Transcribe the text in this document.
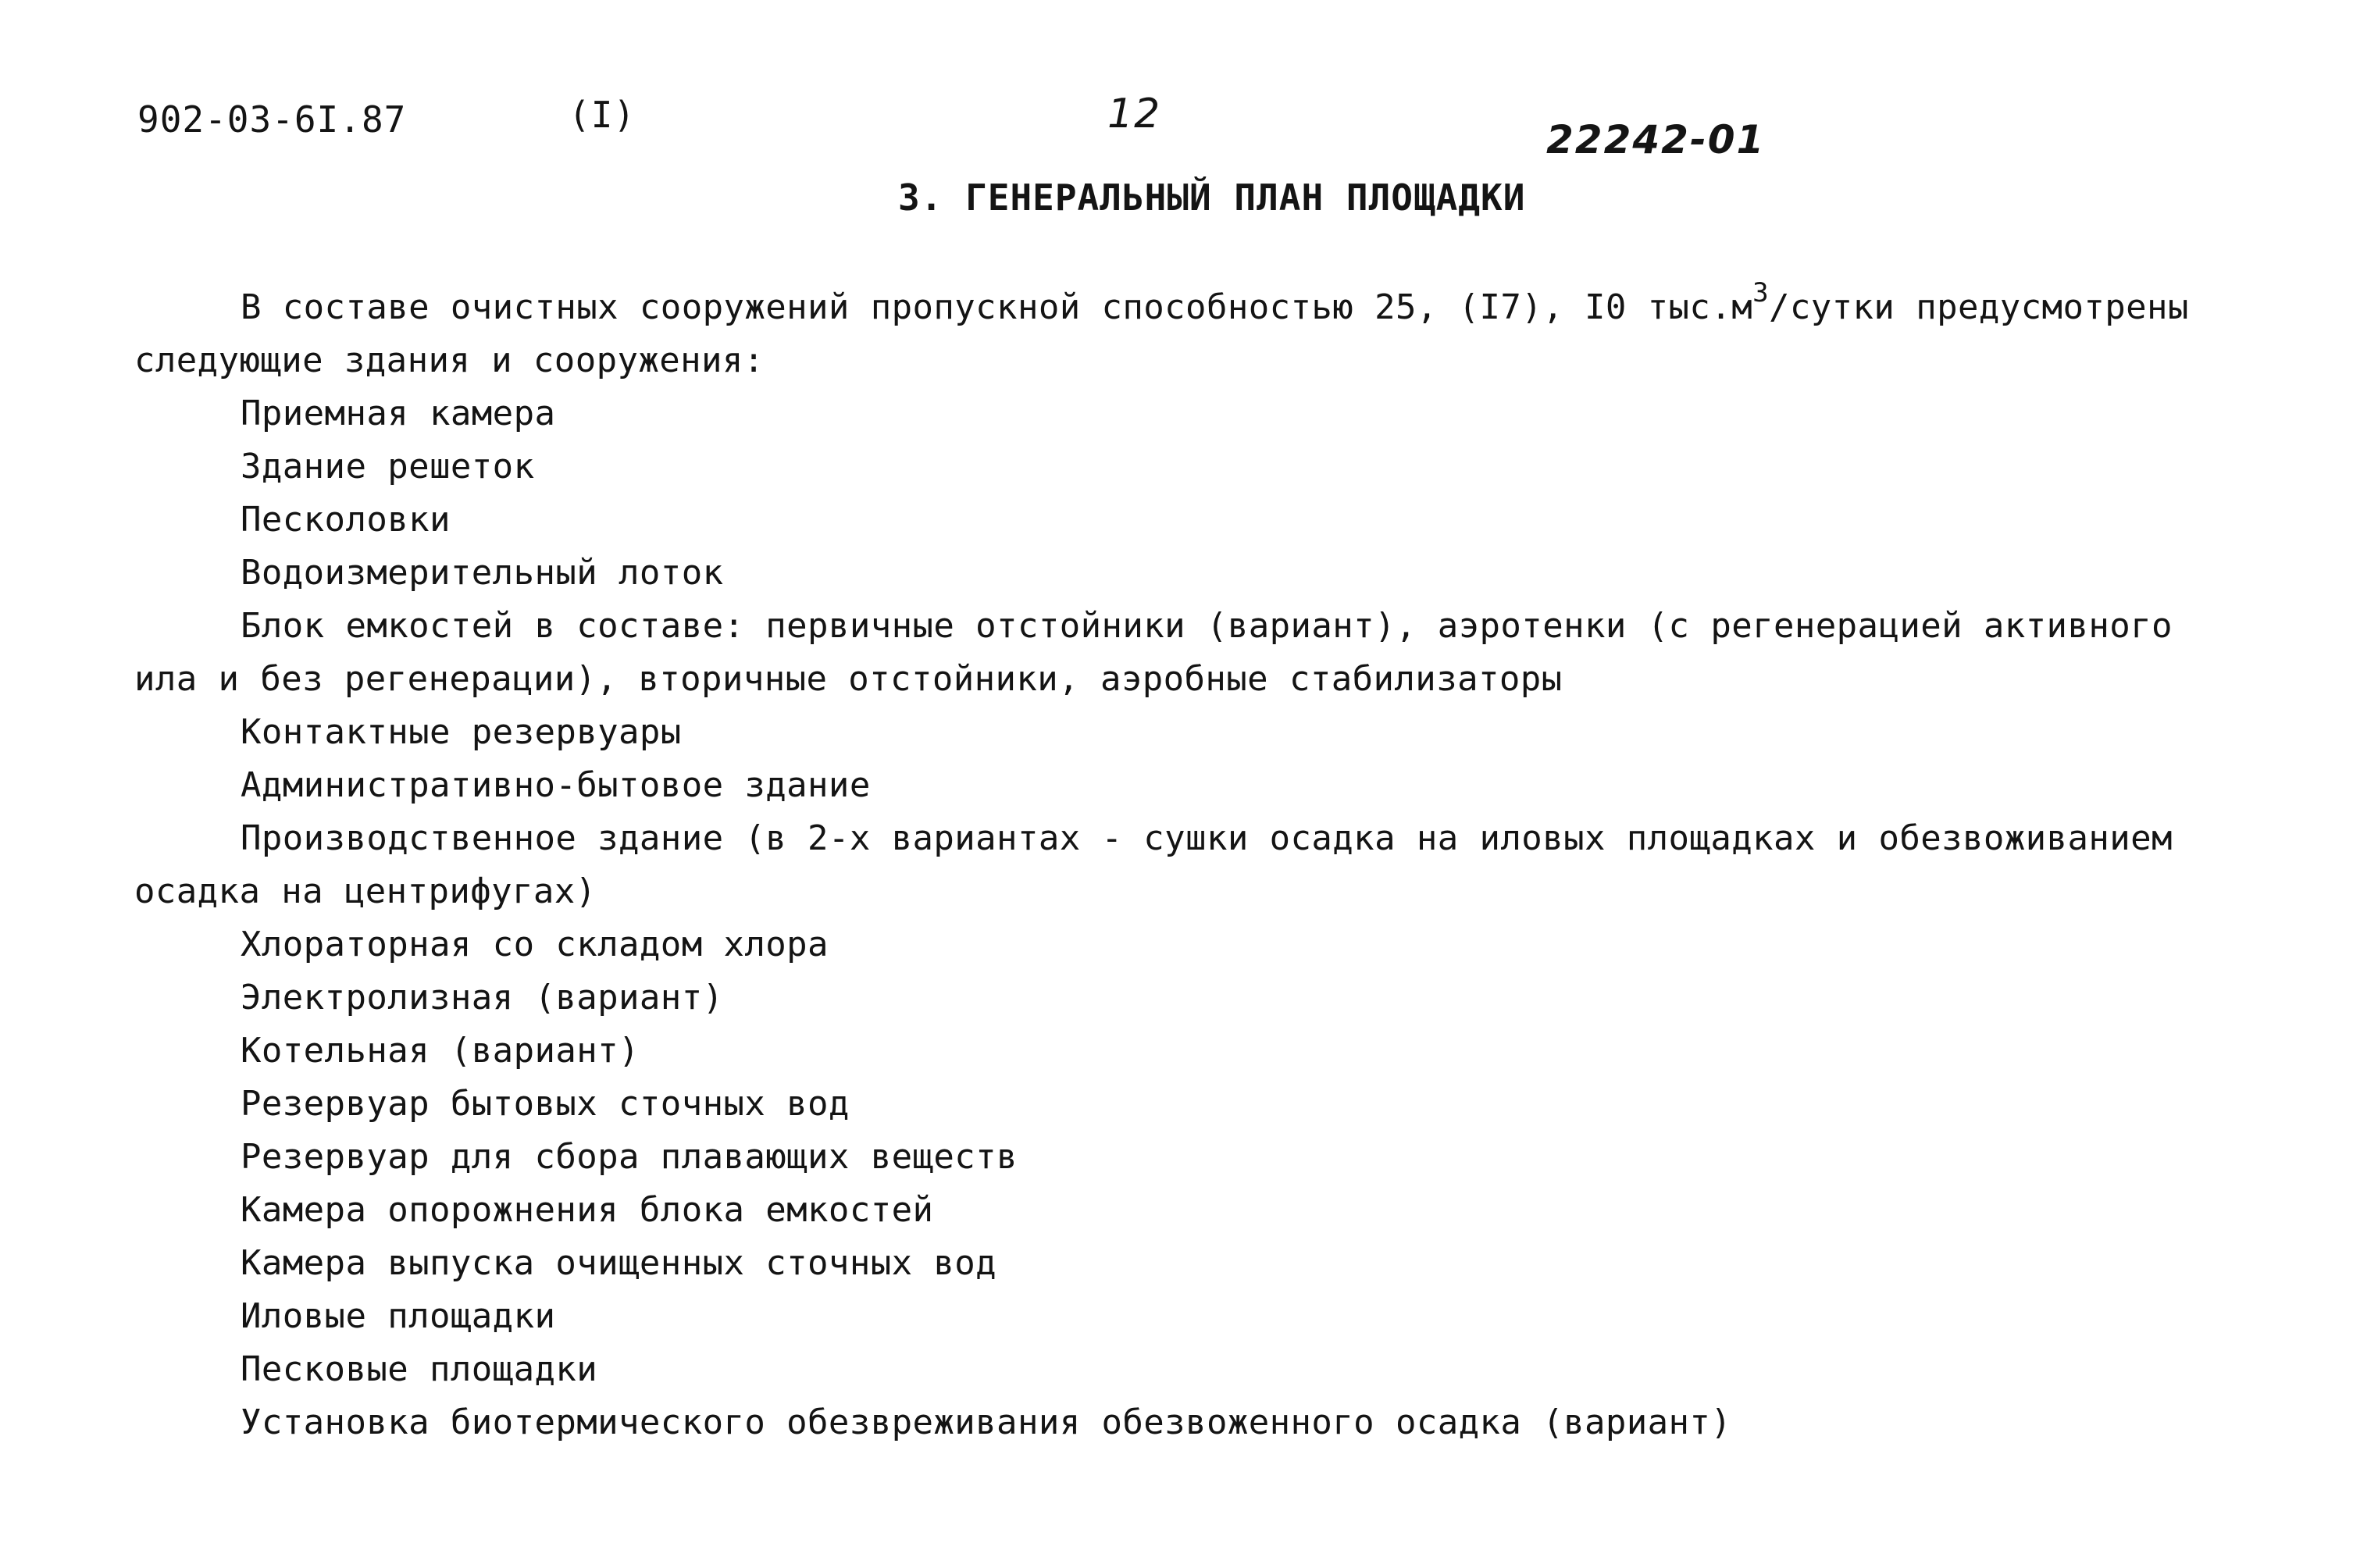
902-03-6I.87	(I)	12
22242-01
3. ГЕНЕРАЛЬНЫЙ ПЛАН ПЛОЩАДКИ
В составе очистных сооружений пропускной способностью 25, (I7), I0 $тыс.м^3$/сутки предусмотрены
следующие здания и сооружения:
Приемная камера
Здание решеток
Песколовки
Водоизмерительный лоток
Блок емкостей в составе: первичные отстойники (вариант), аэротенки (с регенерацией активного
ила и без регенерации), вторичные отстойники, аэробные стабилизаторы
Контактные резервуары
Административно-бытовое здание
Производственное здание (в 2-х вариантах - сушки осадка на иловых площадках и обезвоживанием
осадка на центрифугах)
Хлораторная со складом хлора
Электролизная (вариант)
Котельная (вариант)
Резервуар бытовых сточных вод
Резервуар для сбора плавающих веществ
Камера опорожнения блока емкостей
Камера выпуска очищенных сточных вод
Иловые площадки
Песковые площадки
Установка биотермического обезвреживания обезвоженного осадка (вариант)
